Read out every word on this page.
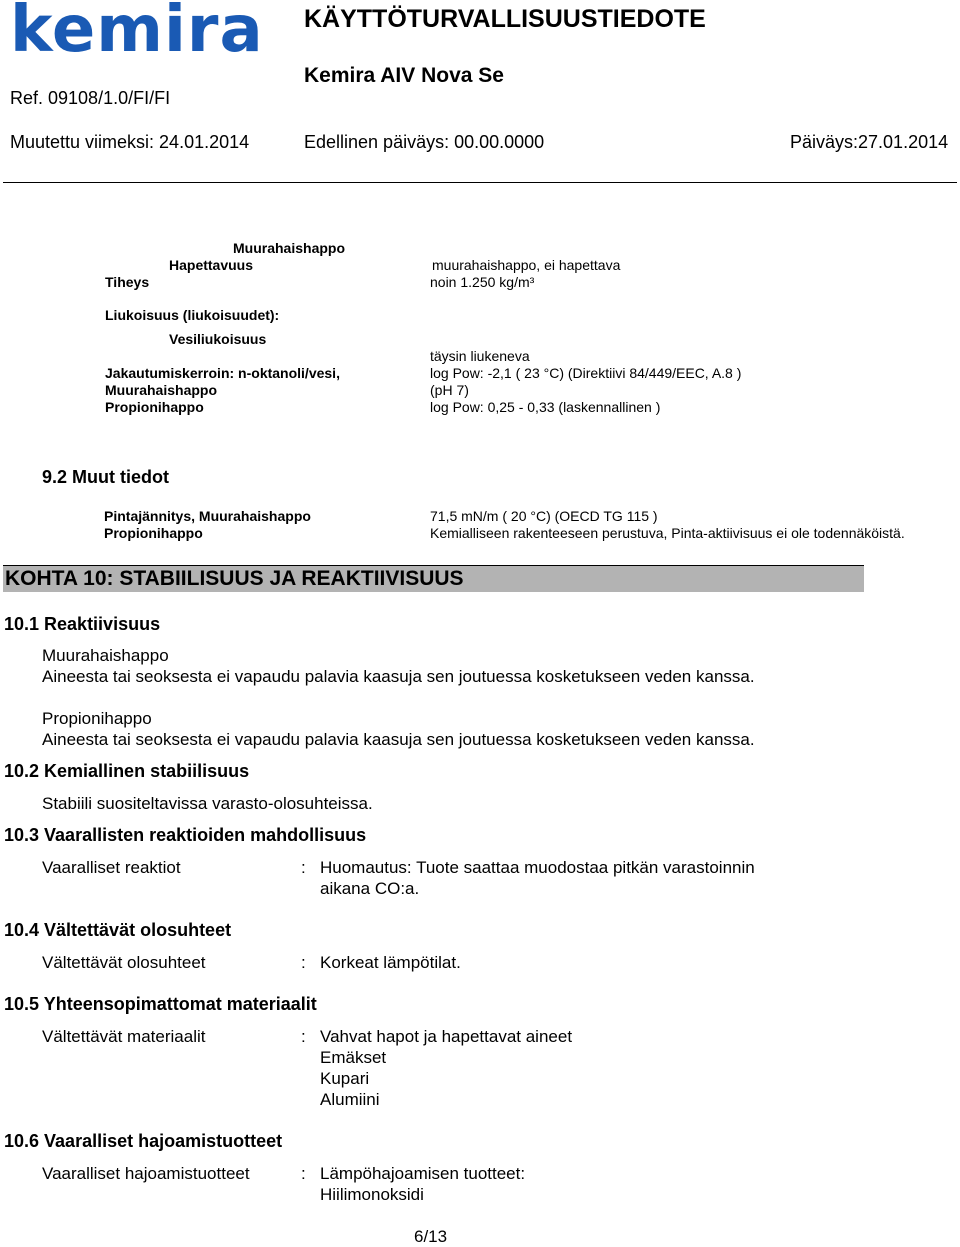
kemira KÄYTTÖTURVALLISUUSTIEDOTE
Kemira AIV Nova Se
Ref. 09108/1.0/FI/FI
Muutettu viimeksi: 24.01.2014	Edellinen päiväys: 00.00.0000	Päiväys:27.01.2014
Muurahaishappo
Hapettavuus	muurahaishappo, ei hapettava
Tiheys	noin 1.250 kg/m³
Liukoisuus (liukoisuudet):
Vesiliukoisuus
täysin liukeneva
Jakautumiskerroin: n-oktanoli/vesi,	log Pow: -2,1 ( 23 °C) (Direktiivi 84/449/EEC, A.8 )
Muurahaishappo	(pH 7)
Propionihappo	log Pow: 0,25 - 0,33 (laskennallinen )
9.2 Muut tiedot
Pintajännitys, Muurahaishappo	71,5 mN/m ( 20 °C) (OECD TG 115 )
Propionihappo	Kemialliseen rakenteeseen perustuva, Pinta-aktiivisuus ei ole todennäköistä.
KOHTA 10: STABIILISUUS JA REAKTIIVISUUS
10.1 Reaktiivisuus
Muurahaishappo
Aineesta tai seoksesta ei vapaudu palavia kaasuja sen joutuessa kosketukseen veden kanssa.
Propionihappo
Aineesta tai seoksesta ei vapaudu palavia kaasuja sen joutuessa kosketukseen veden kanssa.
10.2 Kemiallinen stabiilisuus
Stabiili suositeltavissa varasto-olosuhteissa.
10.3 Vaarallisten reaktioiden mahdollisuus
Vaaralliset reaktiot	: Huomautus: Tuote saattaa muodostaa pitkän varastoinnin
aikana CO:a.
10.4 Vältettävät olosuhteet
Vältettävät olosuhteet	: Korkeat lämpötilat.
10.5 Yhteensopimattomat materiaalit
Vältettävät materiaalit	: Vahvat hapot ja hapettavat aineet
Emäkset
Kupari
Alumiini
10.6 Vaaralliset hajoamistuotteet
Vaaralliset hajoamistuotteet	: Lämpöhajoamisen tuotteet:
Hiilimonoksidi
6/13
